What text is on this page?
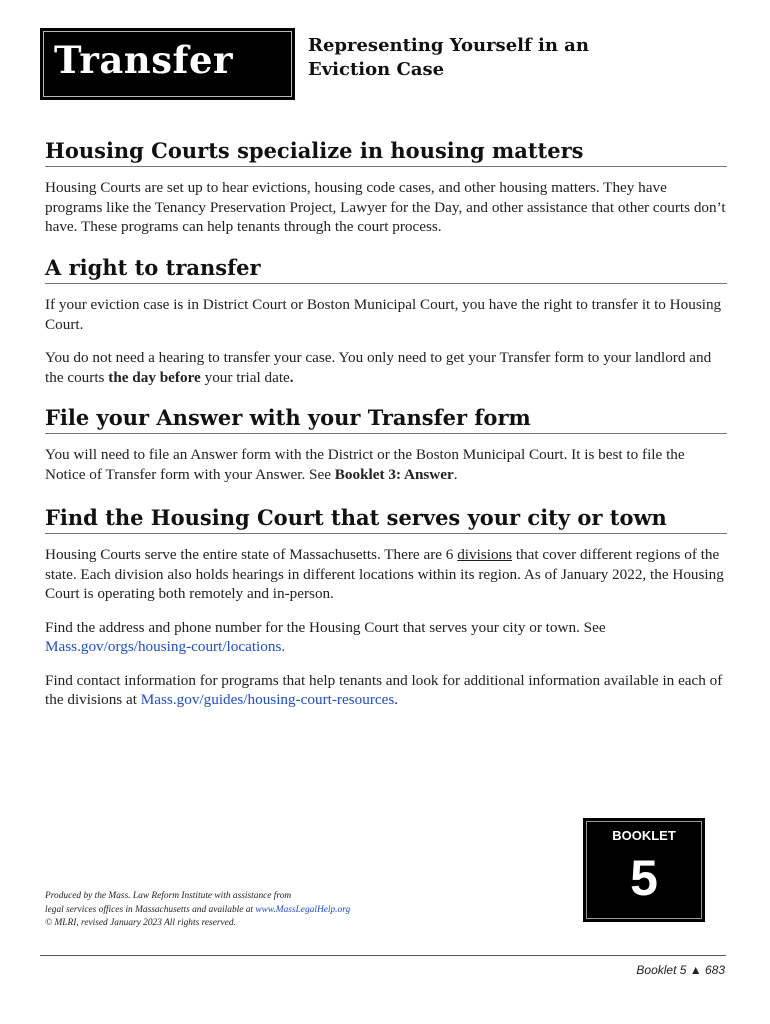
Transfer	Representing Yourself in an Eviction Case
Housing Courts specialize in housing matters

Housing Courts are set up to hear evictions, housing code cases, and other housing matters. They have programs like the Tenancy Preservation Project, Lawyer for the Day, and other assistance that other courts don’t have. These programs can help tenants through the court process.

A right to transfer

If your eviction case is in District Court or Boston Municipal Court, you have the right to transfer it to Housing Court.

You do not need a hearing to transfer your case. You only need to get your Transfer form to your landlord and the courts the day before your trial date.

File your Answer with your Transfer form

You will need to file an Answer form with the District or the Boston Municipal Court. It is best to file the Notice of Transfer form with your Answer. See Booklet 3: Answer.

Find the Housing Court that serves your city or town

Housing Courts serve the entire state of Massachusetts. There are 6 divisions that cover different regions of the state. Each division also holds hearings in different locations within its region. As of January 2022, the Housing Court is operating both remotely and in-person.

Find the address and phone number for the Housing Court that serves your city or town. See Mass.gov/orgs/housing-court/locations.

Find contact information for programs that help tenants and look for additional information available in each of the divisions at Mass.gov/guides/housing-court-resources.

BOOKLET
5
Produced by the Mass. Law Reform Institute with assistance from
legal services offices in Massachusetts and available at www.MassLegalHelp.org
© MLRI, revised January 2023 All rights reserved.
Booklet 5 ▲ 683
